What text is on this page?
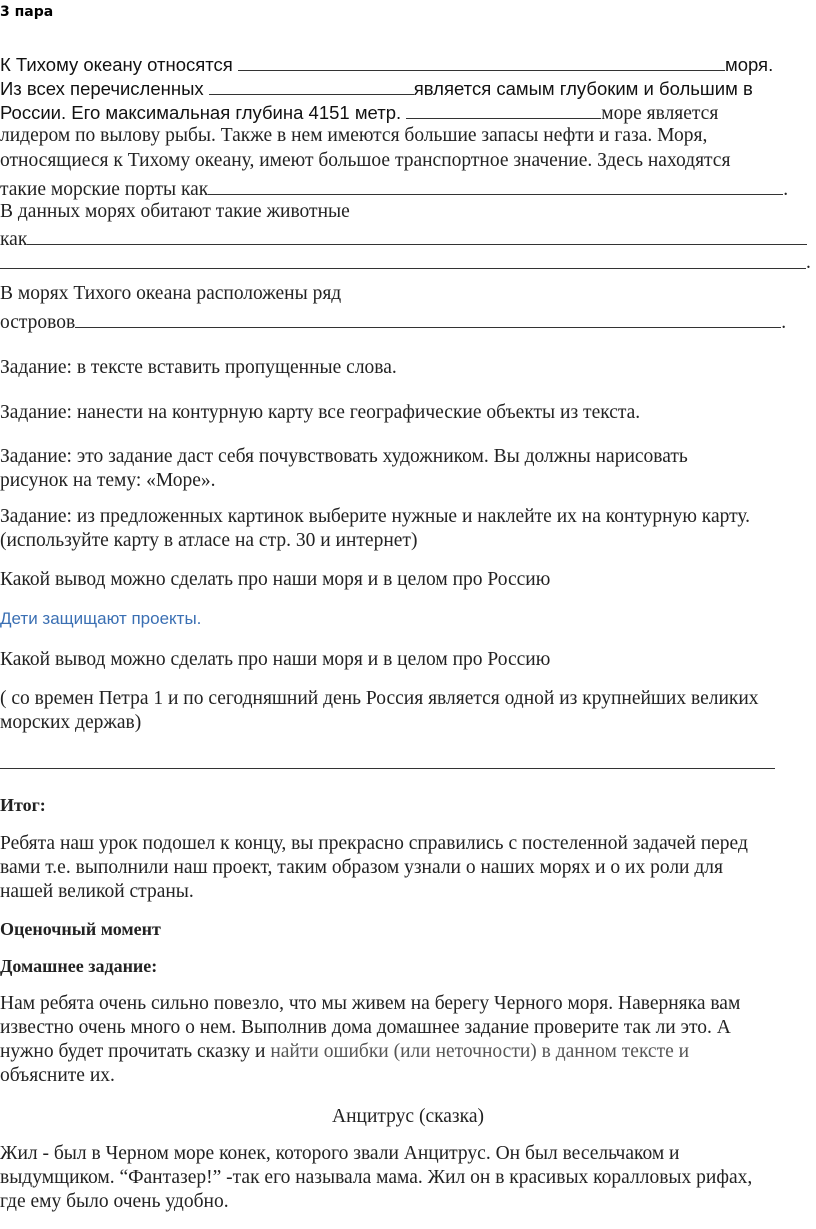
3 пара
К Тихому океану относятся	моря.
Из всех перечисленных	является самым глубоким и большим в
России. Его максимальная глубина 4151 метр.	море является
лидером по вылову рыбы. Также в нем имеются большие запасы нефти и газа. Моря,
относящиеся к Тихому океану, имеют большое транспортное значение. Здесь находятся
такие морские порты как	.
В данных морях обитают такие животные
как
.
В морях Тихого океана расположены ряд
островов	.
Задание: в тексте вставить пропущенные слова.
Задание: нанести на контурную карту все географические объекты из текста.
Задание: это задание даст себя почувствовать художником. Вы должны нарисовать
рисунок на тему: «Море».
Задание: из предложенных картинок выберите нужные и наклейте их на контурную карту.
(используйте карту в атласе на стр. 30 и интернет)
Какой вывод можно сделать про наши моря и в целом про Россию
Дети защищают проекты.
Какой вывод можно сделать про наши моря и в целом про Россию
( со времен Петра 1 и по сегодняшний день Россия является одной из крупнейших великих
морских держав)
Итог:
Ребята наш урок подошел к концу, вы прекрасно справились с постеленной задачей перед
вами т.е. выполнили наш проект, таким образом узнали о наших морях и о их роли для
нашей великой страны.
Оценочный момент
Домашнее задание:
Нам ребята очень сильно повезло, что мы живем на берегу Черного моря. Наверняка вам
известно очень много о нем. Выполнив дома домашнее задание проверите так ли это. А
нужно будет прочитать сказку и найти ошибки (или неточности) в данном тексте и
объясните их.
Анцитрус (сказка)
Жил - был в Черном море конек, которого звали Анцитрус. Он был весельчаком и
выдумщиком. “Фантазер!” -так его называла мама. Жил он в красивых коралловых рифах,
где ему было очень удобно.
